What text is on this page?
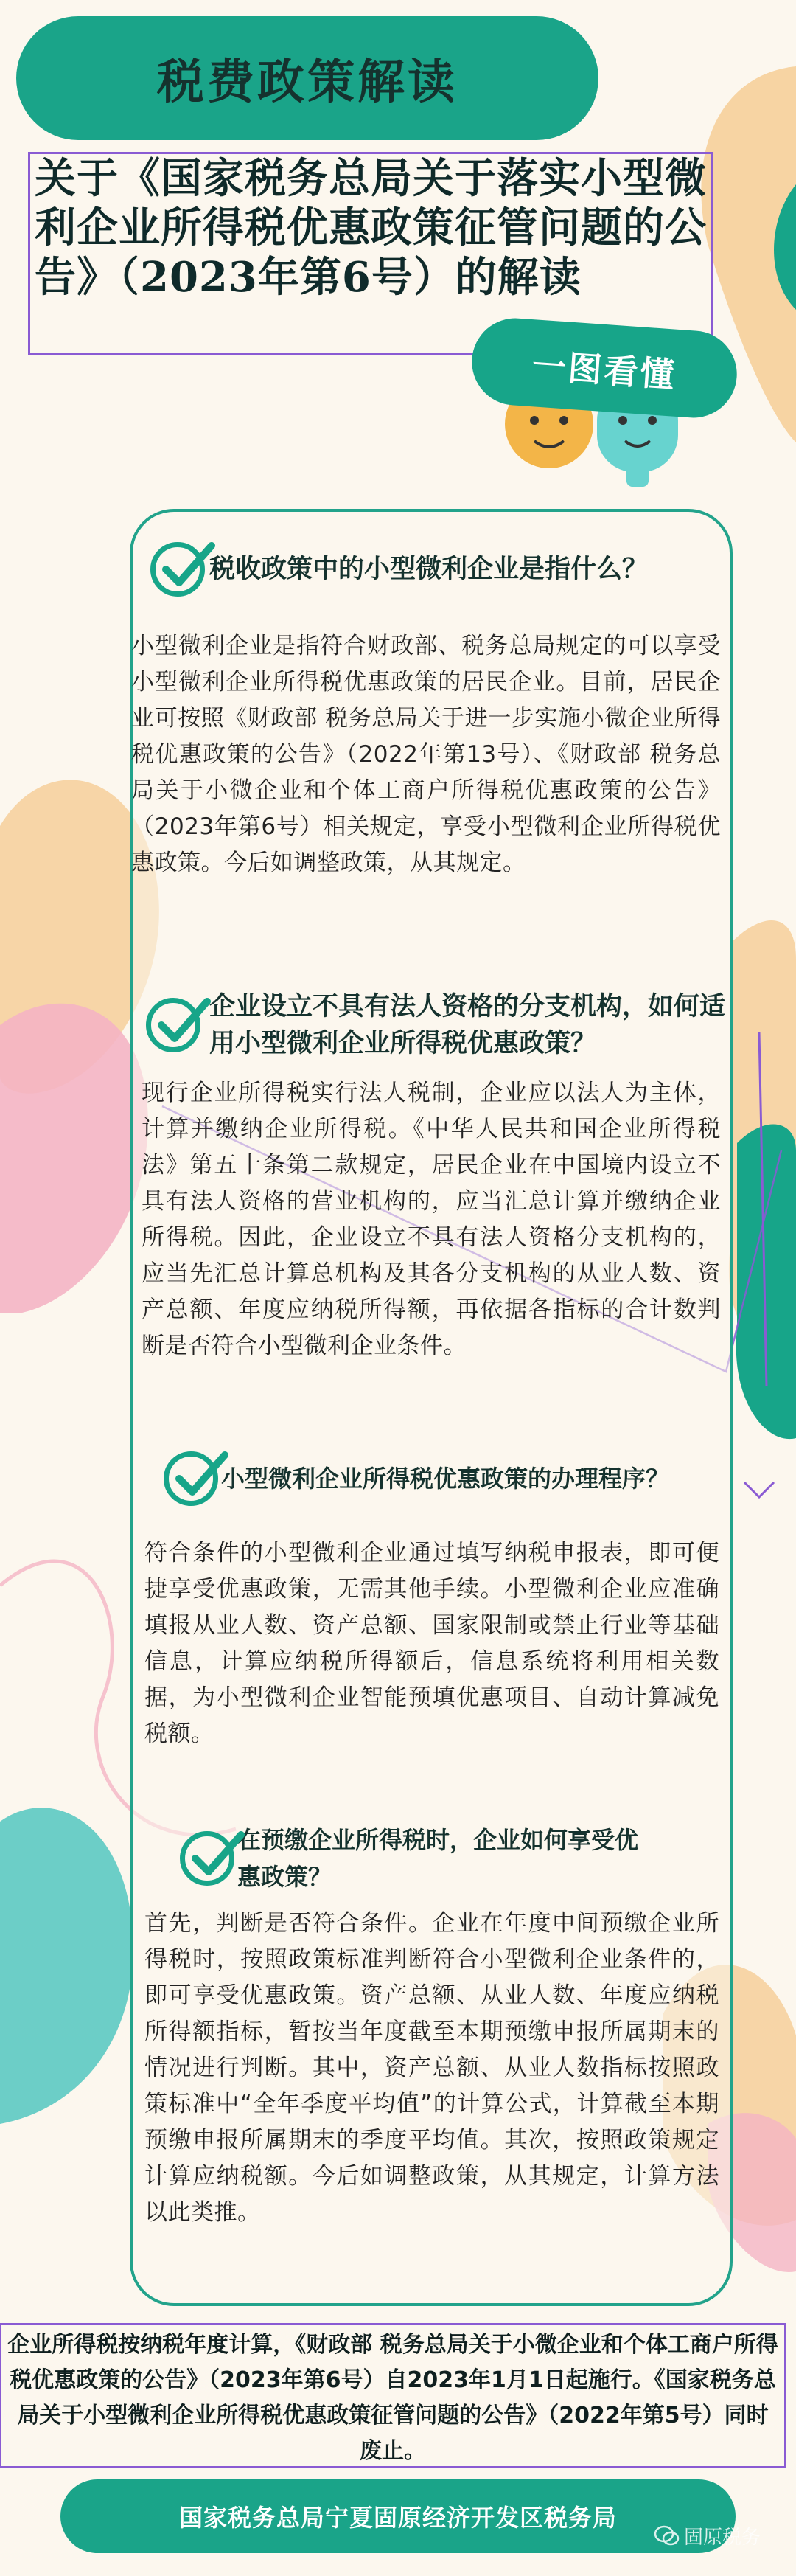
税费政策解读
关于《国家税务总局关于落实小型微利企业所得税优惠政策征管问题的公告》（2023年第6号）的解读
一图看懂
税收政策中的小型微利企业是指什么？
小型微利企业是指符合财政部、税务总局规定的可以享受小型微利企业所得税优惠政策的居民企业。目前，居民企业可按照《财政部 税务总局关于进一步实施小微企业所得税优惠政策的公告》（2022年第13号）、《财政部 税务总局关于小微企业和个体工商户所得税优惠政策的公告》（2023年第6号）相关规定，享受小型微利企业所得税优惠政策。今后如调整政策，从其规定。
企业设立不具有法人资格的分支机构，如何适用小型微利企业所得税优惠政策？
现行企业所得税实行法人税制，企业应以法人为主体，计算并缴纳企业所得税。《中华人民共和国企业所得税法》第五十条第二款规定，居民企业在中国境内设立不具有法人资格的营业机构的，应当汇总计算并缴纳企业所得税。因此，企业设立不具有法人资格分支机构的，应当先汇总计算总机构及其各分支机构的从业人数、资产总额、年度应纳税所得额，再依据各指标的合计数判断是否符合小型微利企业条件。
小型微利企业所得税优惠政策的办理程序？
符合条件的小型微利企业通过填写纳税申报表，即可便捷享受优惠政策，无需其他手续。小型微利企业应准确填报从业人数、资产总额、国家限制或禁止行业等基础信息，计算应纳税所得额后，信息系统将利用相关数据，为小型微利企业智能预填优惠项目、自动计算减免税额。
在预缴企业所得税时，企业如何享受优惠政策？
首先，判断是否符合条件。企业在年度中间预缴企业所得税时，按照政策标准判断符合小型微利企业条件的，即可享受优惠政策。资产总额、从业人数、年度应纳税所得额指标，暂按当年度截至本期预缴申报所属期末的情况进行判断。其中，资产总额、从业人数指标按照政策标准中“全年季度平均值”的计算公式，计算截至本期预缴申报所属期末的季度平均值。其次，按照政策规定计算应纳税额。今后如调整政策，从其规定，计算方法以此类推。
企业所得税按纳税年度计算，《财政部 税务总局关于小微企业和个体工商户所得税优惠政策的公告》（2023年第6号）自2023年1月1日起施行。《国家税务总局关于小型微利企业所得税优惠政策征管问题的公告》（2022年第5号）同时废止。
国家税务总局宁夏固原经济开发区税务局
固原税务
